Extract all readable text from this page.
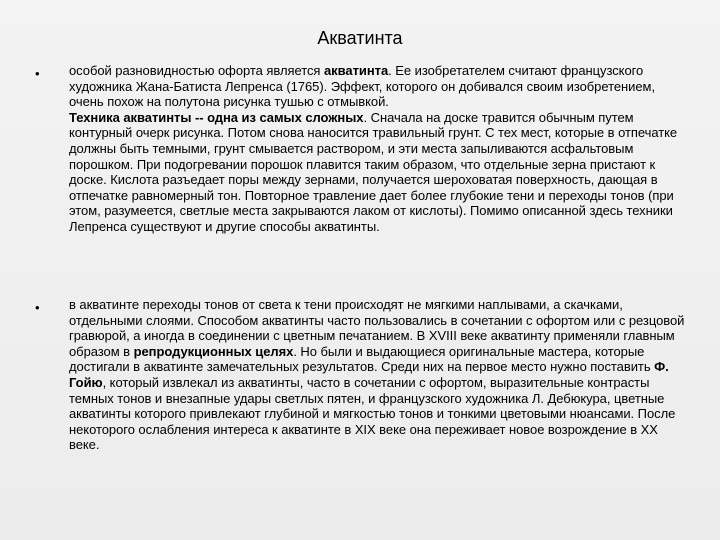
Акватинта
• особой разновидностью офорта является акватинта. Ее изобретателем считают французского художника Жана-Батиста Лепренса (1765). Эффект, которого он добивался своим изобретением, очень похож на полутона рисунка тушью с отмывкой.
Техника акватинты -- одна из самых сложных. Сначала на доске травится обычным путем контурный очерк рисунка. Потом снова наносится травильный грунт. С тех мест, которые в отпечатке должны быть темными, грунт смывается раствором, и эти места запыливаются асфальтовым порошком. При подогревании порошок плавится таким образом, что отдельные зерна пристают к доске. Кислота разъедает поры между зернами, получается шероховатая поверхность, дающая в отпечатке равномерный тон. Повторное травление дает более глубокие тени и переходы тонов (при этом, разумеется, светлые места закрываются лаком от кислоты). Помимо описанной здесь техники Лепренса существуют и другие способы акватинты.

• в акватинте переходы тонов от света к тени происходят не мягкими наплывами, а скачками, отдельными слоями. Способом акватинты часто пользовались в сочетании с офортом или с резцовой гравюрой, а иногда в соединении с цветным печатанием. В XVIII веке акватинту применяли главным образом в репродукционных целях. Но были и выдающиеся оригинальные мастера, которые достигали в акватинте замечательных результатов. Среди них на первое место нужно поставить Ф. Гойю, который извлекал из акватинты, часто в сочетании с офортом, выразительные контрасты темных тонов и внезапные удары светлых пятен, и французского художника Л. Дебюкура, цветные акватинты которого привлекают глубиной и мягкостью тонов и тонкими цветовыми нюансами. После некоторого ослабления интереса к акватинте в XIX веке она переживает новое возрождение в XX веке.
